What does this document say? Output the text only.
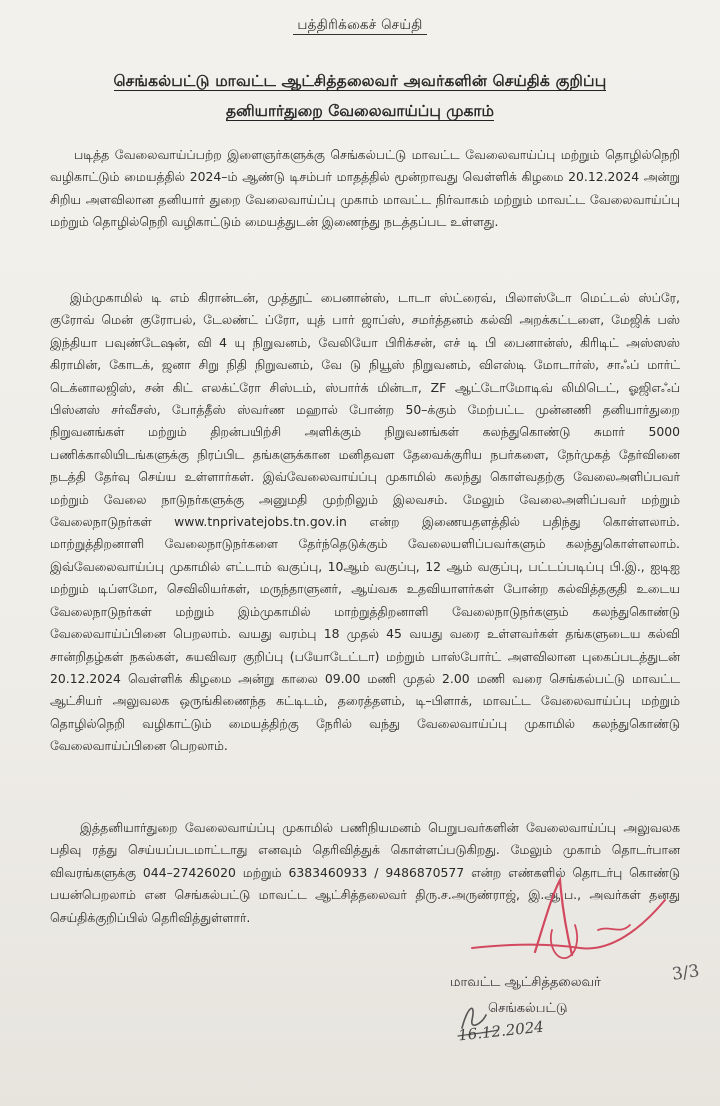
பத்திரிக்கைச் செய்தி
செங்கல்பட்டு மாவட்ட ஆட்சித்தலைவர் அவர்களின் செய்திக் குறிப்பு
தனியார்துறை வேலைவாய்ப்பு முகாம்
படித்த வேலைவாய்ப்பற்ற இளைஞர்களுக்கு செங்கல்பட்டு மாவட்ட வேலைவாய்ப்பு மற்றும் தொழில்நெறி வழிகாட்டும் மையத்தில் 2024–ம் ஆண்டு டிசம்பர் மாதத்தில் மூன்றாவது வெள்ளிக் கிழமை 20.12.2024 அன்று சிறிய அளவிலான தனியார் துறை வேலைவாய்ப்பு முகாம் மாவட்ட நிர்வாகம் மற்றும் மாவட்ட வேலைவாய்ப்பு மற்றும் தொழில்நெறி வழிகாட்டும் மையத்துடன் இணைந்து நடத்தப்பட உள்ளது.
இம்முகாமில் டி எம் கிரான்டன், முத்தூட் பைனான்ஸ், டாடா ஸ்ட்ரைவ், பிலாஸ்டோ மெட்டல் ஸ்ப்ரே, குரோவ் மென் குரோபல், டேலண்ட் ப்ரோ, யுத் பார் ஜாப்ஸ், சமர்த்தனம் கல்வி அறக்கட்டளை, மேஜிக் பஸ் இந்தியா பவுண்டேஷன், வி 4 யு நிறுவனம், வேலியோ பிரிக்சன், எச் டி பி பைனான்ஸ், கிரிடிட் அஸ்ஸஸ் கிராமின், கோடக், ஜனா சிறு நிதி நிறுவனம், வே டு நியூஸ் நிறுவனம், விஎஸ்டி மோடார்ஸ், சாஃப் மார்ட் டெக்னாலஜிஸ், சன் கிட் எலக்ட்ரோ சிஸ்டம், ஸ்பார்க் மின்டா, ZF ஆட்டோமோடிவ் லிமிடெட், ஓஜிஎஃப் பிஸ்னஸ் சர்வீசஸ், போத்தீஸ் ஸ்வர்ண மஹால் போன்ற 50–க்கும் மேற்பட்ட முன்னணி தனியார்துறை நிறுவனங்கள் மற்றும் திறன்பயிற்சி அளிக்கும் நிறுவனங்கள் கலந்துகொண்டு சுமார் 5000 பணிக்காலியிடங்களுக்கு நிரப்பிட தங்களுக்கான மனிதவள தேவைக்குரிய நபர்களை, நேர்முகத் தேர்வினை நடத்தி தேர்வு செய்ய உள்ளார்கள். இவ்வேலைவாய்ப்பு முகாமில் கலந்து கொள்வதற்கு வேலைஅளிப்பவர் மற்றும் வேலை நாடுநர்களுக்கு அனுமதி முற்றிலும் இலவசம். மேலும் வேலைஅளிப்பவர் மற்றும் வேலைநாடுநர்கள் www.tnprivatejobs.tn.gov.in என்ற இணையதளத்தில் பதிந்து கொள்ளலாம். மாற்றுத்திறனாளி வேலைநாடுநர்களை தேர்ந்தெடுக்கும் வேலையளிப்பவர்களும் கலந்துகொள்ளலாம். இவ்வேலைவாய்ப்பு முகாமில் எட்டாம் வகுப்பு, 10ஆம் வகுப்பு, 12 ஆம் வகுப்பு, பட்டப்படிப்பு பி.இ., ஐடிஐ மற்றும் டிப்ளமோ, செவிலியர்கள், மருந்தாளுனர், ஆய்வக உதவியாளர்கள் போன்ற கல்வித்தகுதி உடைய வேலைநாடுநர்கள் மற்றும் இம்முகாமில் மாற்றுத்திறனாளி வேலைநாடுநர்களும் கலந்துகொண்டு வேலைவாய்ப்பினை பெறலாம். வயது வரம்பு 18 முதல் 45 வயது வரை உள்ளவர்கள் தங்களுடைய கல்வி சான்றிதழ்கள் நகல்கள், சுயவிவர குறிப்பு (பயோடேட்டா) மற்றும் பாஸ்போர்ட் அளவிலான புகைப்படத்துடன் 20.12.2024 வெள்ளிக் கிழமை அன்று காலை 09.00 மணி முதல் 2.00 மணி வரை செங்கல்பட்டு மாவட்ட ஆட்சியர் அலுவலக ஒருங்கிணைந்த கட்டிடம், தரைத்தளம், டி–பிளாக், மாவட்ட வேலைவாய்ப்பு மற்றும் தொழில்நெறி வழிகாட்டும் மையத்திற்கு நேரில் வந்து வேலைவாய்ப்பு முகாமில் கலந்துகொண்டு வேலைவாய்ப்பினை பெறலாம்.
இத்தனியார்துறை வேலைவாய்ப்பு முகாமில் பணிநியமனம் பெறுபவர்களின் வேலைவாய்ப்பு அலுவலக பதிவு ரத்து செய்யப்படமாட்டாது எனவும் தெரிவித்துக் கொள்ளப்படுகிறது. மேலும் முகாம் தொடர்பான விவரங்களுக்கு 044–27426020 மற்றும் 6383460933 / 9486870577 என்ற எண்களில் தொடர்பு கொண்டு பயன்பெறலாம் என செங்கல்பட்டு மாவட்ட ஆட்சித்தலைவர் திரு.ச.அருண்ராஜ், இ.ஆ.ப., அவர்கள் தனது செய்திக்குறிப்பில் தெரிவித்துள்ளார்.
3/3
மாவட்ட ஆட்சித்தலைவர்
செங்கல்பட்டு
16.12.2024
